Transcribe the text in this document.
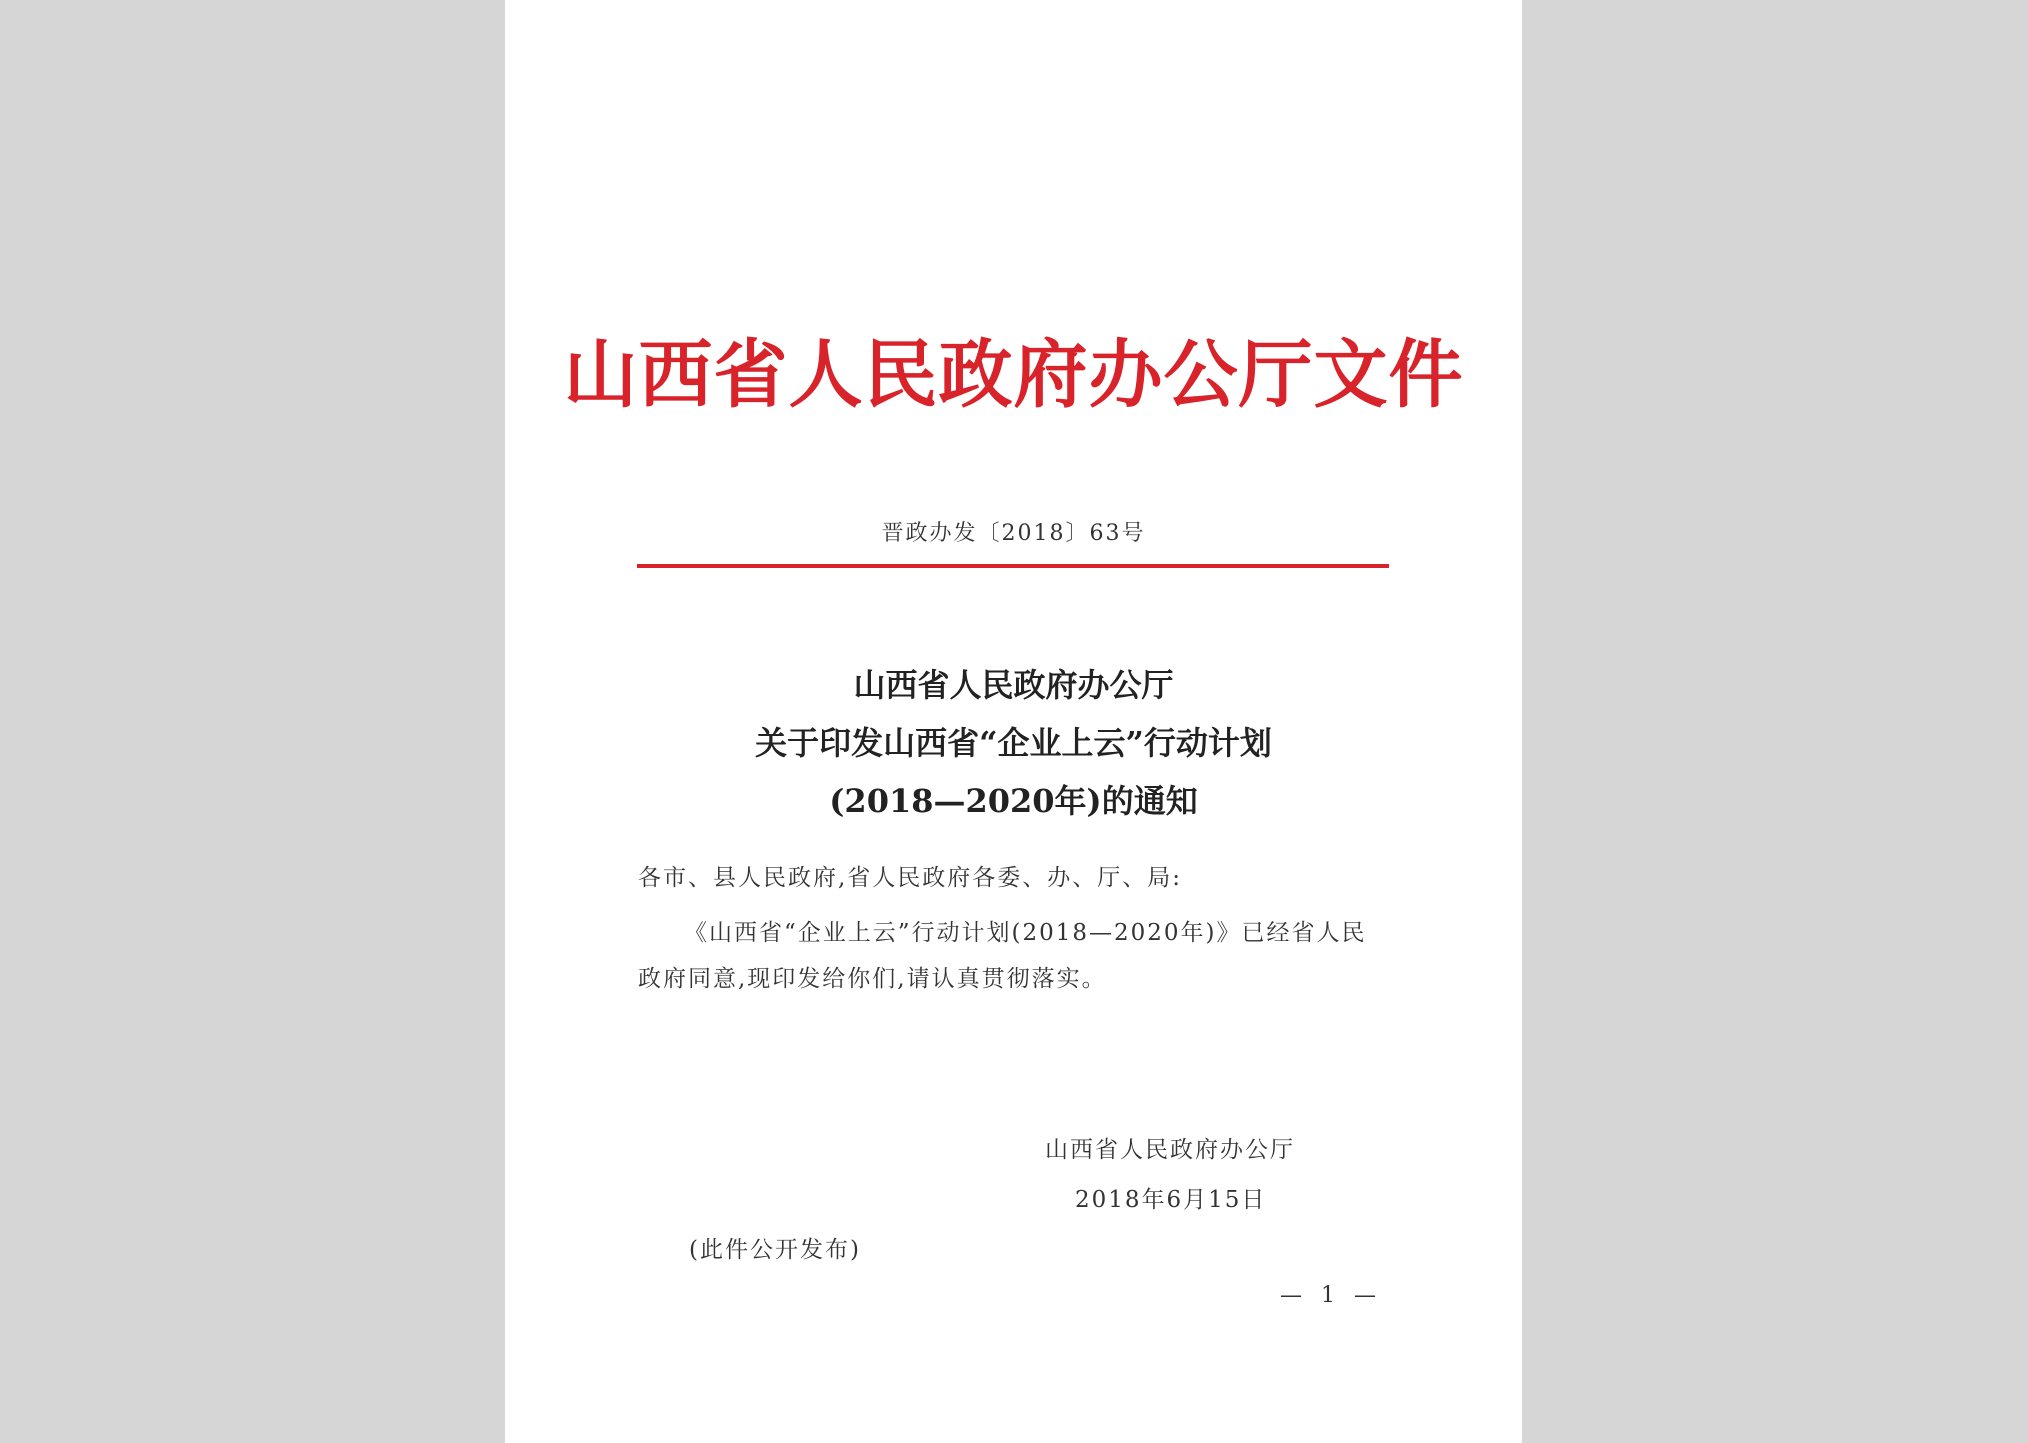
山西省人民政府办公厅文件
晋政办发〔2018〕63号
山西省人民政府办公厅
关于印发山西省“企业上云”行动计划
(2018—2020年)的通知
各市、县人民政府,省人民政府各委、办、厅、局:
《山西省“企业上云”行动计划(2018—2020年)》已经省人民政府同意,现印发给你们,请认真贯彻落实。
山西省人民政府办公厅
2018年6月15日
(此件公开发布)
— 1 —
